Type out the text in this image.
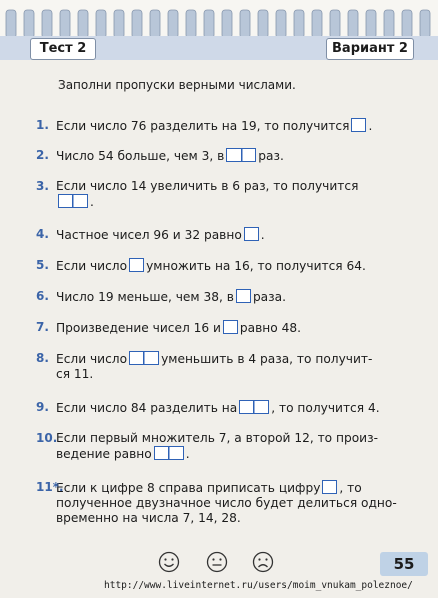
Тест 2	Вариант 2
Заполни пропуски верными числами.
1. Если число 76 разделить на 19, то получится .
2. Число 54 больше, чем 3, в	раз.
3. Если число 14 увеличить в 6 раз, то получится
.
4. Частное чисел 96 и 32 равно .
5. Если число умножить на 16, то получится 64.
6. Число 19 меньше, чем 38, в раза.
7. Произведение чисел 16 и равно 48.
8. Если число	уменьшить в 4 раза, то получит-
ся 11.
9. Если число 84 разделить на	, то получится 4.
10.
Если первый множитель 7, а второй 12, то произ-
ведение равно	.
11*.
Если к цифре 8 справа приписать цифру , то
полученное двузначное число будет делиться одно-
временно на числа 7, 14, 28.
55
http://www.liveinternet.ru/users/moim_vnukam_poleznoe/
